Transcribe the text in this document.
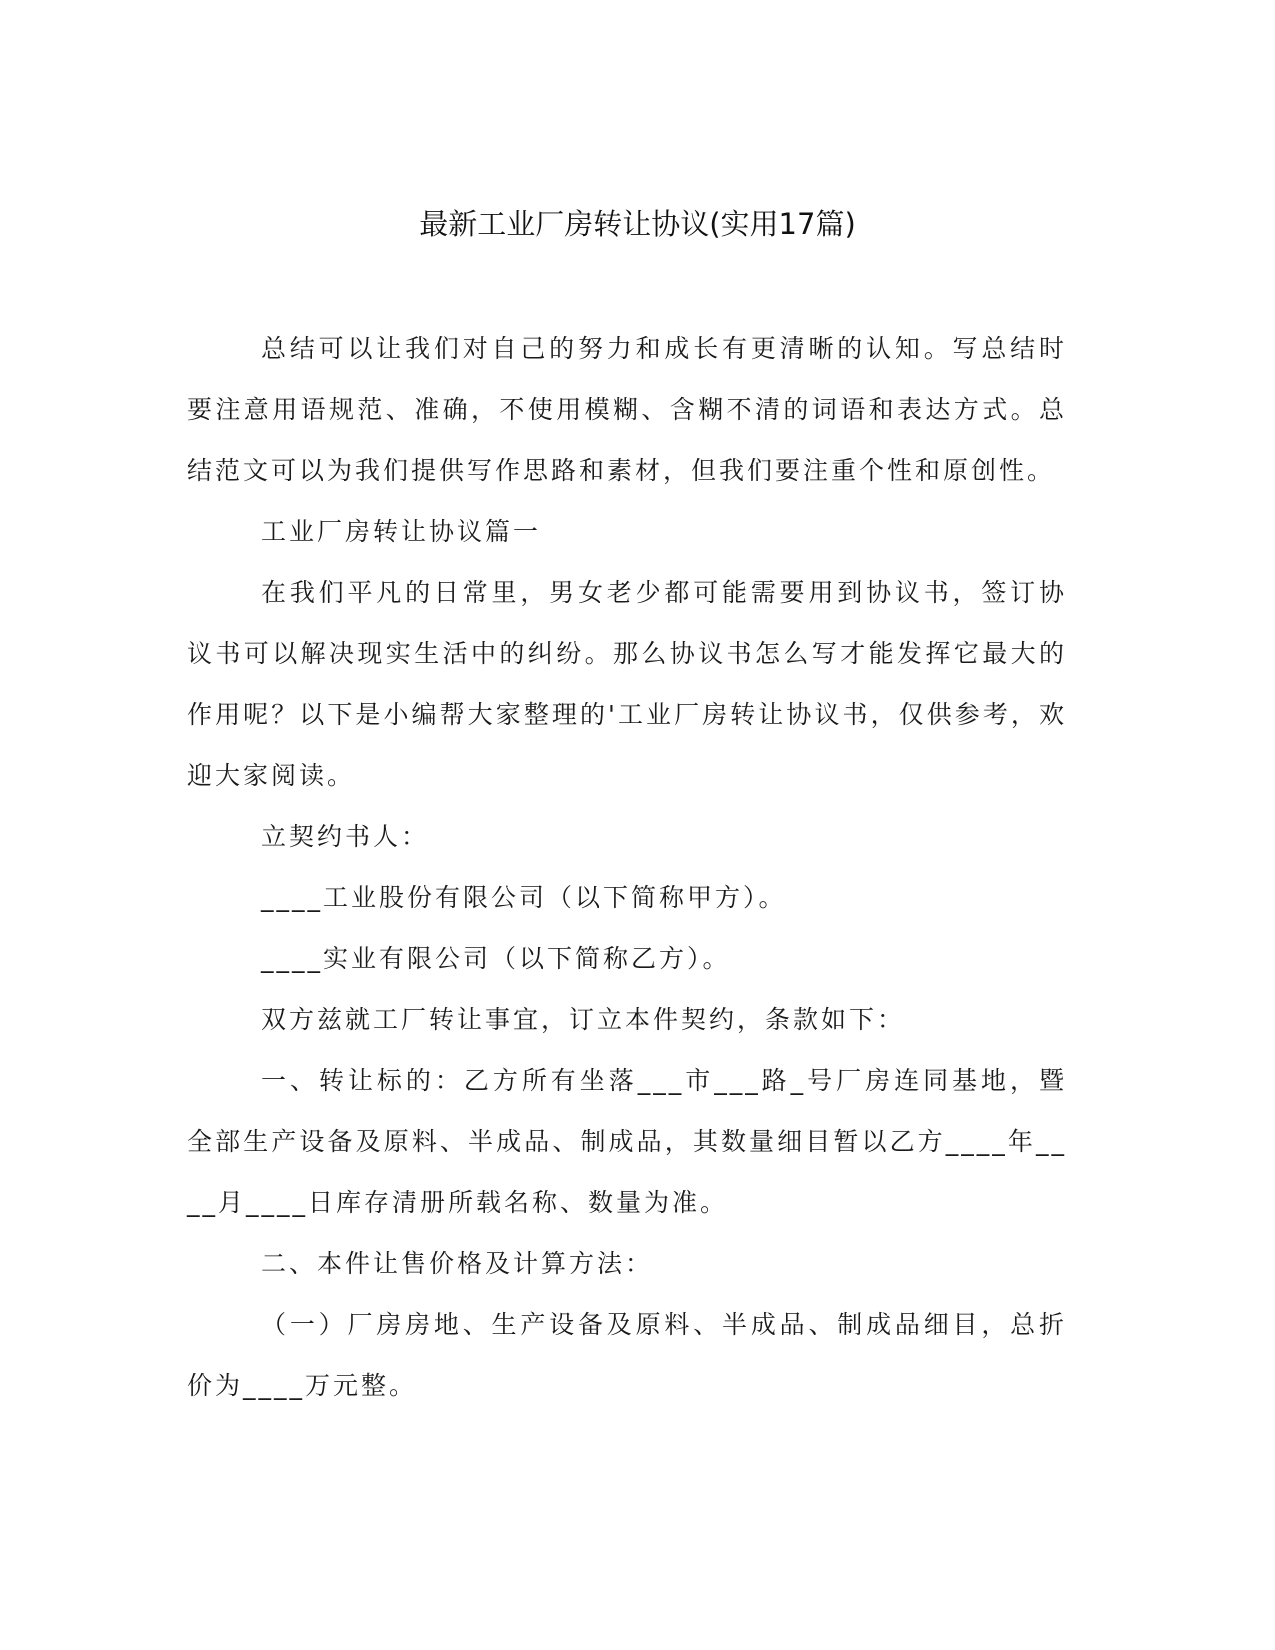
最新工业厂房转让协议(实用17篇)

总结可以让我们对自己的努力和成长有更清晰的认知。写总结时要注意用语规范、准确，不使用模糊、含糊不清的词语和表达方式。总结范文可以为我们提供写作思路和素材，但我们要注重个性和原创性。

工业厂房转让协议篇一

在我们平凡的日常里，男女老少都可能需要用到协议书，签订协议书可以解决现实生活中的纠纷。那么协议书怎么写才能发挥它最大的作用呢？以下是小编帮大家整理的'工业厂房转让协议书，仅供参考，欢迎大家阅读。

立契约书人：

____工业股份有限公司（以下简称甲方）。

____实业有限公司（以下简称乙方）。

双方兹就工厂转让事宜，订立本件契约，条款如下：

一、转让标的：乙方所有坐落___市___路_号厂房连同基地，暨全部生产设备及原料、半成品、制成品，其数量细目暂以乙方____年____月____日库存清册所载名称、数量为准。

二、本件让售价格及计算方法：

（一）厂房房地、生产设备及原料、半成品、制成品细目，总折价为____万元整。
